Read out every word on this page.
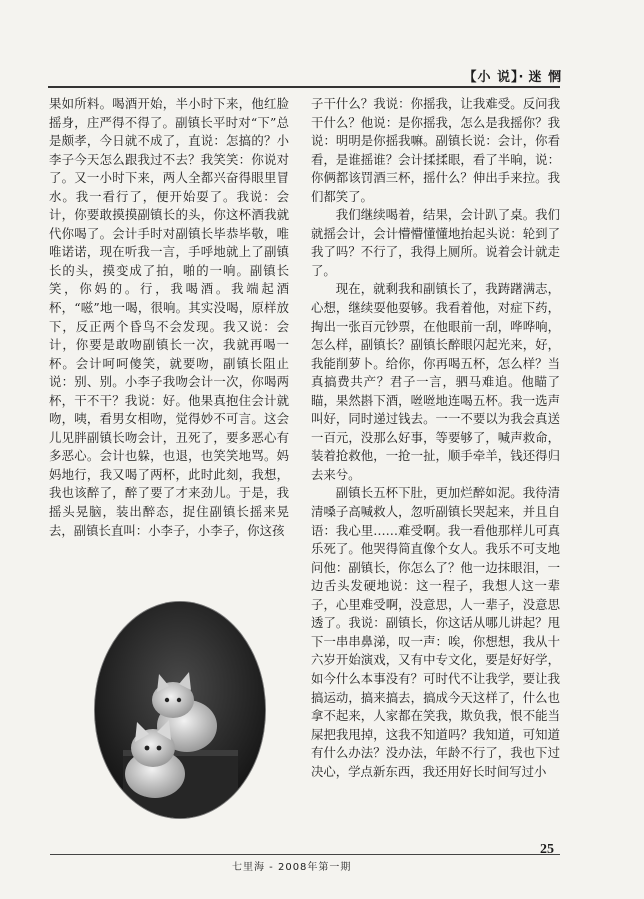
【小 说】· 迷 惘

果如所料。喝酒开始，半小时下来，他红脸摇身，庄严得不得了。副镇长平时对“下”总是颇孝，今日就不成了，直说：怎搞的？小李子今天怎么跟我过不去？我笑笑：你说对了。又一小时下来，两人全都兴奋得眼里冒水。我一看行了，便开始耍了。我说：会计，你要敢摸摸副镇长的头，你这杯酒我就代你喝了。会计手时对副镇长毕恭毕敬，唯唯诺诺，现在听我一言，手呼地就上了副镇长的头，摸变成了拍，啪的一响。副镇长笑，你妈的。行，我喝酒。我端起酒杯，“嗞”地一喝，很响。其实没喝，原样放下，反正两个昏鸟不会发现。我又说：会计，你要是敢吻副镇长一次，我就再喝一杯。会计呵呵傻笑，就要吻，副镇长阻止说：别、别。小李子我吻会计一次，你喝两杯，干不干？我说：好。他果真抱住会计就吻，咦，看男女相吻，觉得妙不可言。这会儿见胖副镇长吻会计，丑死了，要多恶心有多恶心。会计也躲，也退，也笑笑地骂。妈妈地行，我又喝了两杯，此时此刻，我想，我也该醉了，醉了要了才来劲儿。于是，我摇头晃脑，装出醉态，捉住副镇长摇来晃去，副镇长直叫：小李子，小李子，你这孩

子干什么？我说：你摇我，让我难受。反问我干什么？他说：是你摇我，怎么是我摇你？我说：明明是你摇我嘛。副镇长说：会计，你看看，是谁摇谁？会计揉揉眼，看了半晌，说：你俩都该罚酒三杯，摇什么？伸出手来拉。我们都笑了。

我们继续喝着，结果，会计趴了桌。我们就摇会计，会计懵懵懂懂地抬起头说：轮到了我了吗？不行了，我得上厕所。说着会计就走了。

现在，就剩我和副镇长了，我踌躇满志，心想，继续耍他耍够。我看着他，对症下药，掏出一张百元钞票，在他眼前一刮，哗哗响，怎么样，副镇长？副镇长醉眼闪起光来，好，我能削萝卜。给你，你再喝五杯，怎么样？当真搞费共产？君子一言，驷马难追。他瞄了瞄，果然斟下酒，咝咝地连喝五杯。我一选声叫好，同时递过钱去。一一不要以为我会真送一百元，没那么好事，等要够了，喊声救命，装着抢救他，一抢一扯，顺手牵羊，钱还得归去来兮。

副镇长五杯下肚，更加烂醉如泥。我待清清嗓子高喊救人，忽听副镇长哭起来，并且自语：我心里……难受啊。我一看他那样儿可真乐死了。他哭得简直像个女人。我乐不可支地问他：副镇长，你怎么了？他一边抹眼泪，一边舌头发硬地说：这一程子，我想人这一辈子，心里难受啊，没意思，人一辈子，没意思透了。我说：副镇长，你这话从哪儿讲起？甩下一串串鼻涕，叹一声：唉，你想想，我从十六岁开始演戏，又有中专文化，要是好好学，如今什么本事没有？可时代不让我学，要让我搞运动，搞来搞去，搞成今天这样了，什么也拿不起来，人家都在笑我，欺负我，恨不能当屎把我甩掉，这我不知道吗？我知道，可知道有什么办法？没办法，年龄不行了，我也下过决心，学点新东西，我还用好长时间写过小

七里海 - 2008年第一期
25
